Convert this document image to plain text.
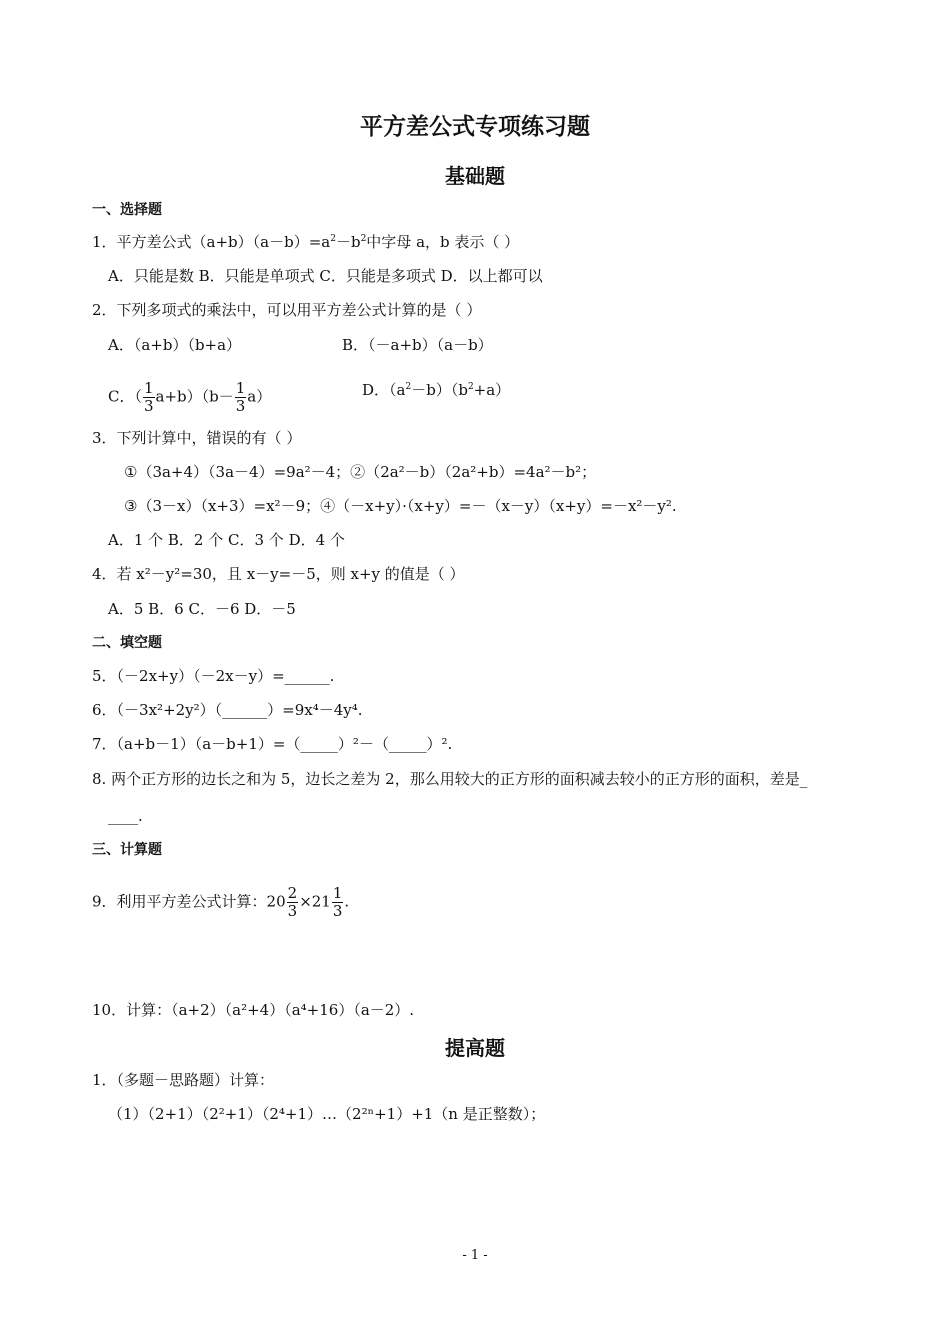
平方差公式专项练习题
基础题
一、选择题
1．平方差公式$(a+b)(a-b)=a^2-b^2$中字母 a，b 表示（ ）
A．只能是数 B．只能是单项式 C．只能是多项式 D．以上都可以
2．下列多项式的乘法中，可以用平方差公式计算的是（ ）
A．（a+b）（b+a）	B．（－a+b）（a－b）
C．（ $\frac{1}{3} a+b)(b- \frac{1}{3} a)$	D．$(a^2-b)(b^2+a)$
3．下列计算中，错误的有（ ）
①（3a+4）（3a－4）=9a²－4；②（2a²－b）（2a²+b）=4a²－b²；
③（3－x）（x+3）=x²－9；④（－x+y）·（x+y）=－（x－y）（x+y）=－x²－y².
A．1 个 B．2 个 C．3 个 D．4 个
4．若 x²－y²=30，且 x－y=－5，则 x+y 的值是（ ）
A．5 B．6 C．－6 D．－5
二、填空题
5．（－2x+y）（－2x－y）=______.
6．（－3x²+2y²）（______）=9x⁴－4y⁴.
7．（a+b－1）（a－b+1）=（_____）²－（_____）².
8. 两个正方形的边长之和为 5，边长之差为 2，那么用较大的正方形的面积减去较小的正方形的面积，差是_
____.
三、计算题
9．利用平方差公式计算：$20 \frac{2}{3} \times 21 \frac{1}{3}$ .
10．计算：（a+2）（a²+4）（a⁴+16）（a－2）.
提高题
1．（多题－思路题）计算：
（1）（2+1）（2²+1）（2⁴+1）…（2²ⁿ+1）+1（n 是正整数）；
- 1 -
